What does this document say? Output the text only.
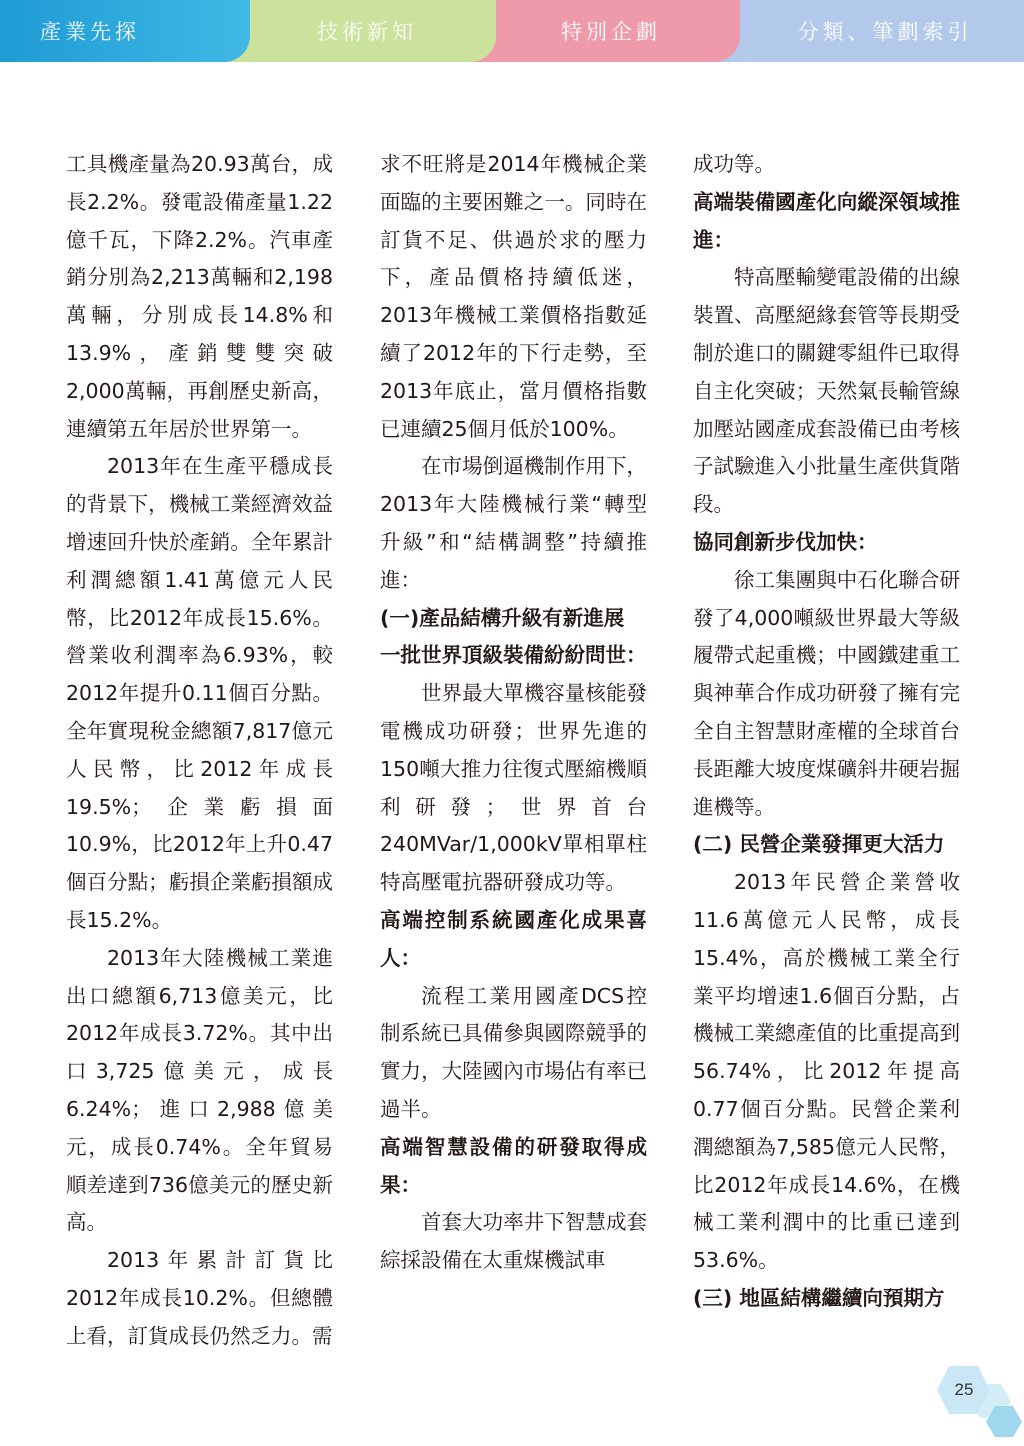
產業先探	技術新知	特別企劃	分類、筆劃索引

工具機產量為20.93萬台，成長2.2%。發電設備產量1.22億千瓦，下降2.2%。汽車產銷分別為2,213萬輛和2,198萬輛，分別成長14.8%和13.9%，產銷雙雙突破2,000萬輛，再創歷史新高，連續第五年居於世界第一。

2013年在生產平穩成長的背景下，機械工業經濟效益增速回升快於產銷。全年累計利潤總額1.41萬億元人民幣，比2012年成長15.6%。營業收利潤率為6.93%，較2012年提升0.11個百分點。全年實現稅金總額7,817億元人民幣，比2012年成長19.5%；企業虧損面10.9%，比2012年上升0.47個百分點；虧損企業虧損額成長15.2%。

2013年大陸機械工業進出口總額6,713億美元，比2012年成長3.72%。其中出口3,725億美元，成長6.24%；進口2,988億美元，成長0.74%。全年貿易順差達到736億美元的歷史新高。

2013年累計訂貨比2012年成長10.2%。但總體上看，訂貨成長仍然乏力。需

求不旺將是2014年機械企業面臨的主要困難之一。同時在訂貨不足、供過於求的壓力下，產品價格持續低迷，2013年機械工業價格指數延續了2012年的下行走勢，至2013年底止，當月價格指數已連續25個月低於100%。

在市場倒逼機制作用下，2013年大陸機械行業“轉型升級”和“結構調整”持續推進：

(一)產品結構升級有新進展

一批世界頂級裝備紛紛問世：

世界最大單機容量核能發電機成功研發；世界先進的150噸大推力往復式壓縮機順利研發；世界首台240MVar/1,000kV單相單柱特高壓電抗器研發成功等。

高端控制系統國產化成果喜人：

流程工業用國產DCS控制系統已具備參與國際競爭的實力，大陸國內市場佔有率已過半。

高端智慧設備的研發取得成果：

首套大功率井下智慧成套綜採設備在太重煤機試車

成功等。

高端裝備國產化向縱深領域推進：

特高壓輸變電設備的出線裝置、高壓絕緣套管等長期受制於進口的關鍵零組件已取得自主化突破；天然氣長輸管線加壓站國產成套設備已由考核子試驗進入小批量生產供貨階段。

協同創新步伐加快：

徐工集團與中石化聯合研發了4,000噸級世界最大等級履帶式起重機；中國鐵建重工與神華合作成功研發了擁有完全自主智慧財產權的全球首台長距離大坡度煤礦斜井硬岩掘進機等。

(二) 民營企業發揮更大活力

2013年民營企業營收11.6萬億元人民幣，成長15.4%，高於機械工業全行業平均增速1.6個百分點，占機械工業總產值的比重提高到56.74%，比2012年提高0.77個百分點。民營企業利潤總額為7,585億元人民幣，比2012年成長14.6%，在機械工業利潤中的比重已達到53.6%。

(三) 地區結構繼續向預期方

25
